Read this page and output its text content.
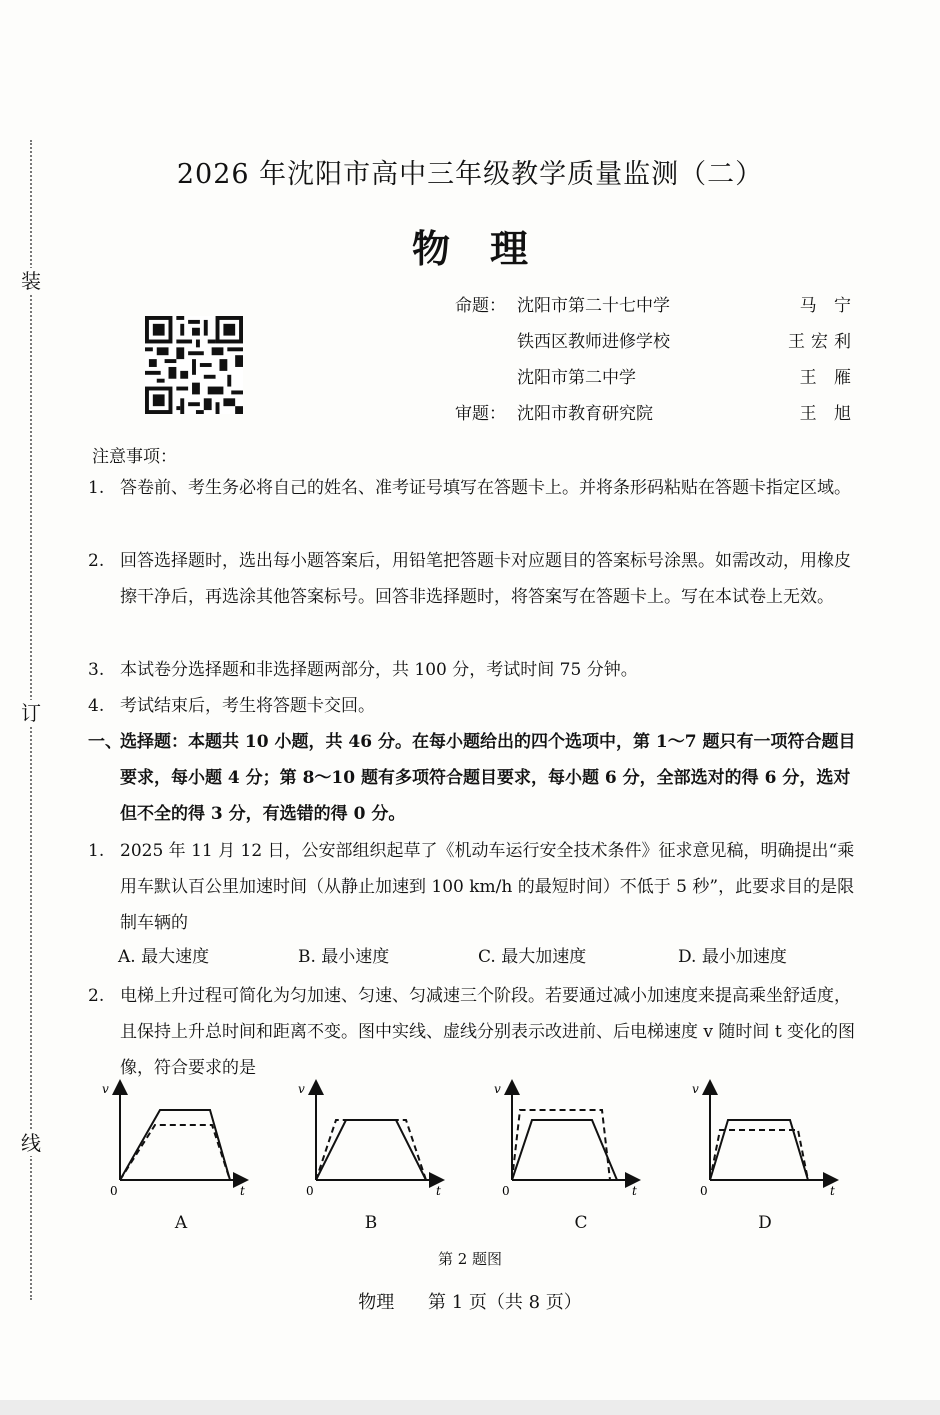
装
订
线
2026 年沈阳市高中三年级教学质量监测（二）
物理
命题： 沈阳市第二十七中学	马 宁
铁西区教师进修学校	王宏利
沈阳市第二中学	王 雁
审题： 沈阳市教育研究院	王 旭
注意事项：
1. 答卷前、考生务必将自己的姓名、准考证号填写在答题卡上。并将条形码粘贴在答题卡指定区域。
2. 回答选择题时，选出每小题答案后，用铅笔把答题卡对应题目的答案标号涂黑。如需改动，用橡皮擦干净后，再选涂其他答案标号。回答非选择题时，将答案写在答题卡上。写在本试卷上无效。
3. 本试卷分选择题和非选择题两部分，共 100 分，考试时间 75 分钟。
4. 考试结束后，考生将答题卡交回。
一、
选择题：本题共 10 小题，共 46 分。在每小题给出的四个选项中，第 1～7 题只有一项符合题目要求，每小题 4 分；第 8～10 题有多项符合题目要求，每小题 6 分，全部选对的得 6 分，选对但不全的得 3 分，有选错的得 0 分。
1. 2025 年 11 月 12 日，公安部组织起草了《机动车运行安全技术条件》征求意见稿，明确提出“乘用车默认百公里加速时间（从静止加速到 100 km/h 的最短时间）不低于 5 秒”，此要求目的是限制车辆的
A. 最大速度	B. 最小速度	C. 最大加速度	D. 最小加速度
2. 电梯上升过程可简化为匀加速、匀速、匀减速三个阶段。若要通过减小加速度来提高乘坐舒适度，且保持上升总时间和距离不变。图中实线、虚线分别表示改进前、后电梯速度 v 随时间 t 变化的图像，符合要求的是
v
0	t
v
0	t
v
0	t
v
0	t
A	B	C	D
第 2 题图
物理 第 1 页（共 8 页）
